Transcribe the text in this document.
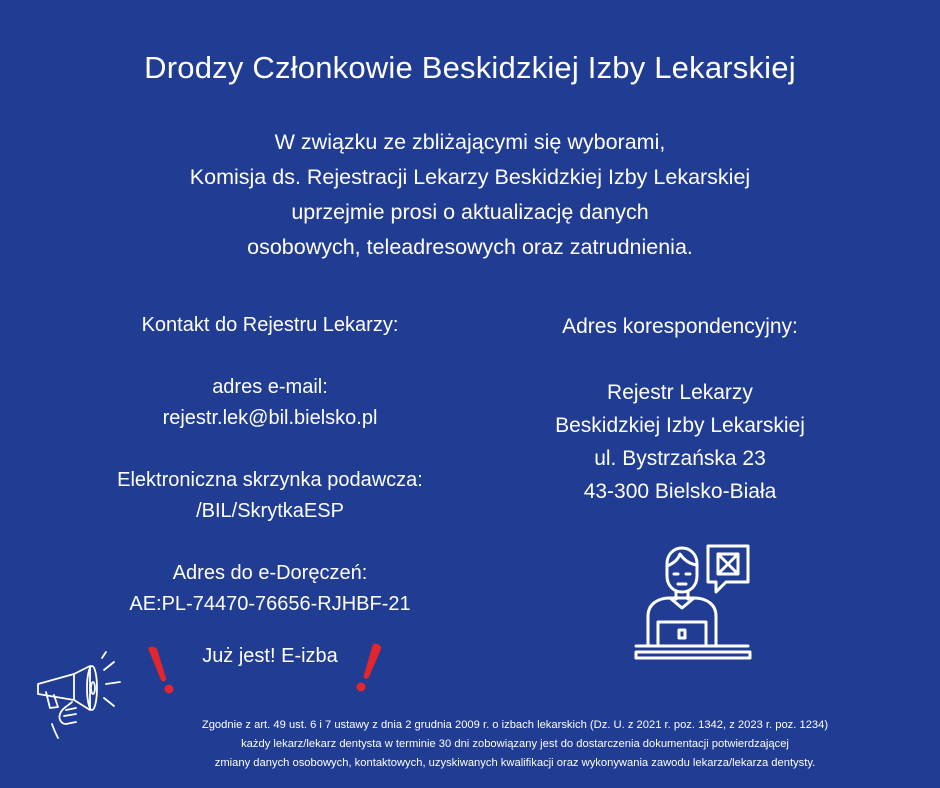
Drodzy Członkowie Beskidzkiej Izby Lekarskiej
W związku ze zbliżającymi się wyborami,
Komisja ds. Rejestracji Lekarzy Beskidzkiej Izby Lekarskiej
uprzejmie prosi o aktualizację danych
osobowych, teleadresowych oraz zatrudnienia.
Kontakt do Rejestru Lekarzy:
adres e-mail:
rejestr.lek@bil.bielsko.pl
Elektroniczna skrzynka podawcza:
/BIL/SkrytkaESP
Adres do e-Doręczeń:
AE:PL-74470-76656-RJHBF-21
Adres korespondencyjny:
Rejestr Lekarzy
Beskidzkiej Izby Lekarskiej
ul. Bystrzańska 23
43-300 Bielsko-Biała
Już jest! E-izba
Zgodnie z art. 49 ust. 6 i 7 ustawy z dnia 2 grudnia 2009 r. o izbach lekarskich (Dz. U. z 2021 r. poz. 1342, z 2023 r. poz. 1234)
każdy lekarz/lekarz dentysta w terminie 30 dni zobowiązany jest do dostarczenia dokumentacji potwierdzającej
zmiany danych osobowych, kontaktowych, uzyskiwanych kwalifikacji oraz wykonywania zawodu lekarza/lekarza dentysty.
